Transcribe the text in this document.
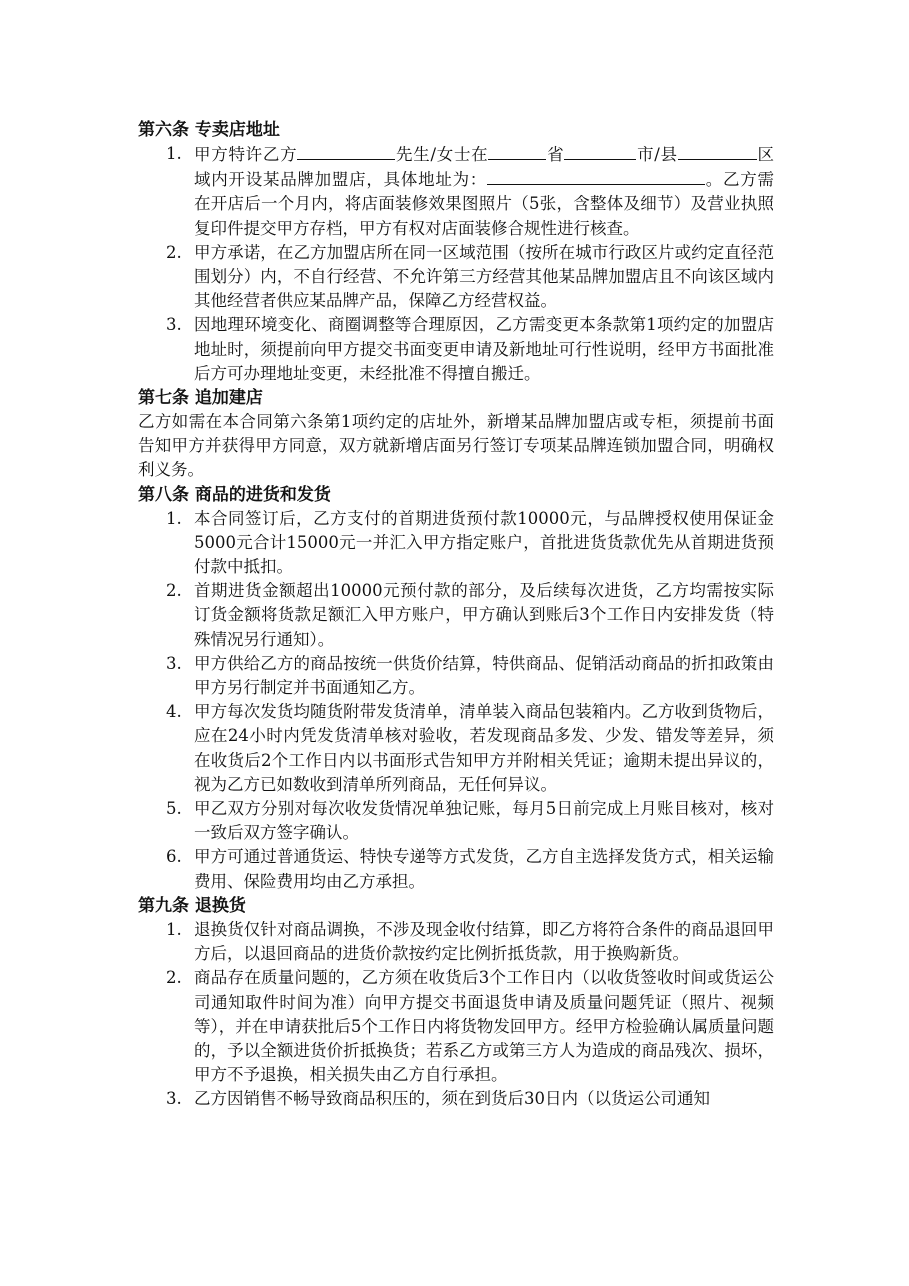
第六条 专卖店地址
1. 甲方特许乙方	先生/女士在	省	市/县	区域内开设某品牌加盟店，具体地址为：	。乙方需在开店后一个月内，将店面装修效果图照片（5张，含整体及细节）及营业执照复印件提交甲方存档，甲方有权对店面装修合规性进行核查。
2. 甲方承诺，在乙方加盟店所在同一区域范围（按所在城市行政区片或约定直径范围划分）内，不自行经营、不允许第三方经营其他某品牌加盟店且不向该区域内其他经营者供应某品牌产品，保障乙方经营权益。
3. 因地理环境变化、商圈调整等合理原因，乙方需变更本条款第1项约定的加盟店地址时，须提前向甲方提交书面变更申请及新地址可行性说明，经甲方书面批准后方可办理地址变更，未经批准不得擅自搬迁。
第七条 追加建店
乙方如需在本合同第六条第1项约定的店址外，新增某品牌加盟店或专柜，须提前书面告知甲方并获得甲方同意，双方就新增店面另行签订专项某品牌连锁加盟合同，明确权利义务。
第八条 商品的进货和发货
1. 本合同签订后，乙方支付的首期进货预付款10000元，与品牌授权使用保证金5000元合计15000元一并汇入甲方指定账户，首批进货货款优先从首期进货预付款中抵扣。
2. 首期进货金额超出10000元预付款的部分，及后续每次进货，乙方均需按实际订货金额将货款足额汇入甲方账户，甲方确认到账后3个工作日内安排发货（特殊情况另行通知）。
3. 甲方供给乙方的商品按统一供货价结算，特供商品、促销活动商品的折扣政策由甲方另行制定并书面通知乙方。
4. 甲方每次发货均随货附带发货清单，清单装入商品包装箱内。乙方收到货物后，应在24小时内凭发货清单核对验收，若发现商品多发、少发、错发等差异，须在收货后2个工作日内以书面形式告知甲方并附相关凭证；逾期未提出异议的，视为乙方已如数收到清单所列商品，无任何异议。
5. 甲乙双方分别对每次收发货情况单独记账，每月5日前完成上月账目核对，核对一致后双方签字确认。
6. 甲方可通过普通货运、特快专递等方式发货，乙方自主选择发货方式，相关运输费用、保险费用均由乙方承担。
第九条 退换货
1. 退换货仅针对商品调换，不涉及现金收付结算，即乙方将符合条件的商品退回甲方后，以退回商品的进货价款按约定比例折抵货款，用于换购新货。
2. 商品存在质量问题的，乙方须在收货后3个工作日内（以收货签收时间或货运公司通知取件时间为准）向甲方提交书面退货申请及质量问题凭证（照片、视频等），并在申请获批后5个工作日内将货物发回甲方。经甲方检验确认属质量问题的，予以全额进货价折抵换货；若系乙方或第三方人为造成的商品残次、损坏，甲方不予退换，相关损失由乙方自行承担。
3. 乙方因销售不畅导致商品积压的，须在到货后30日内（以货运公司通知
